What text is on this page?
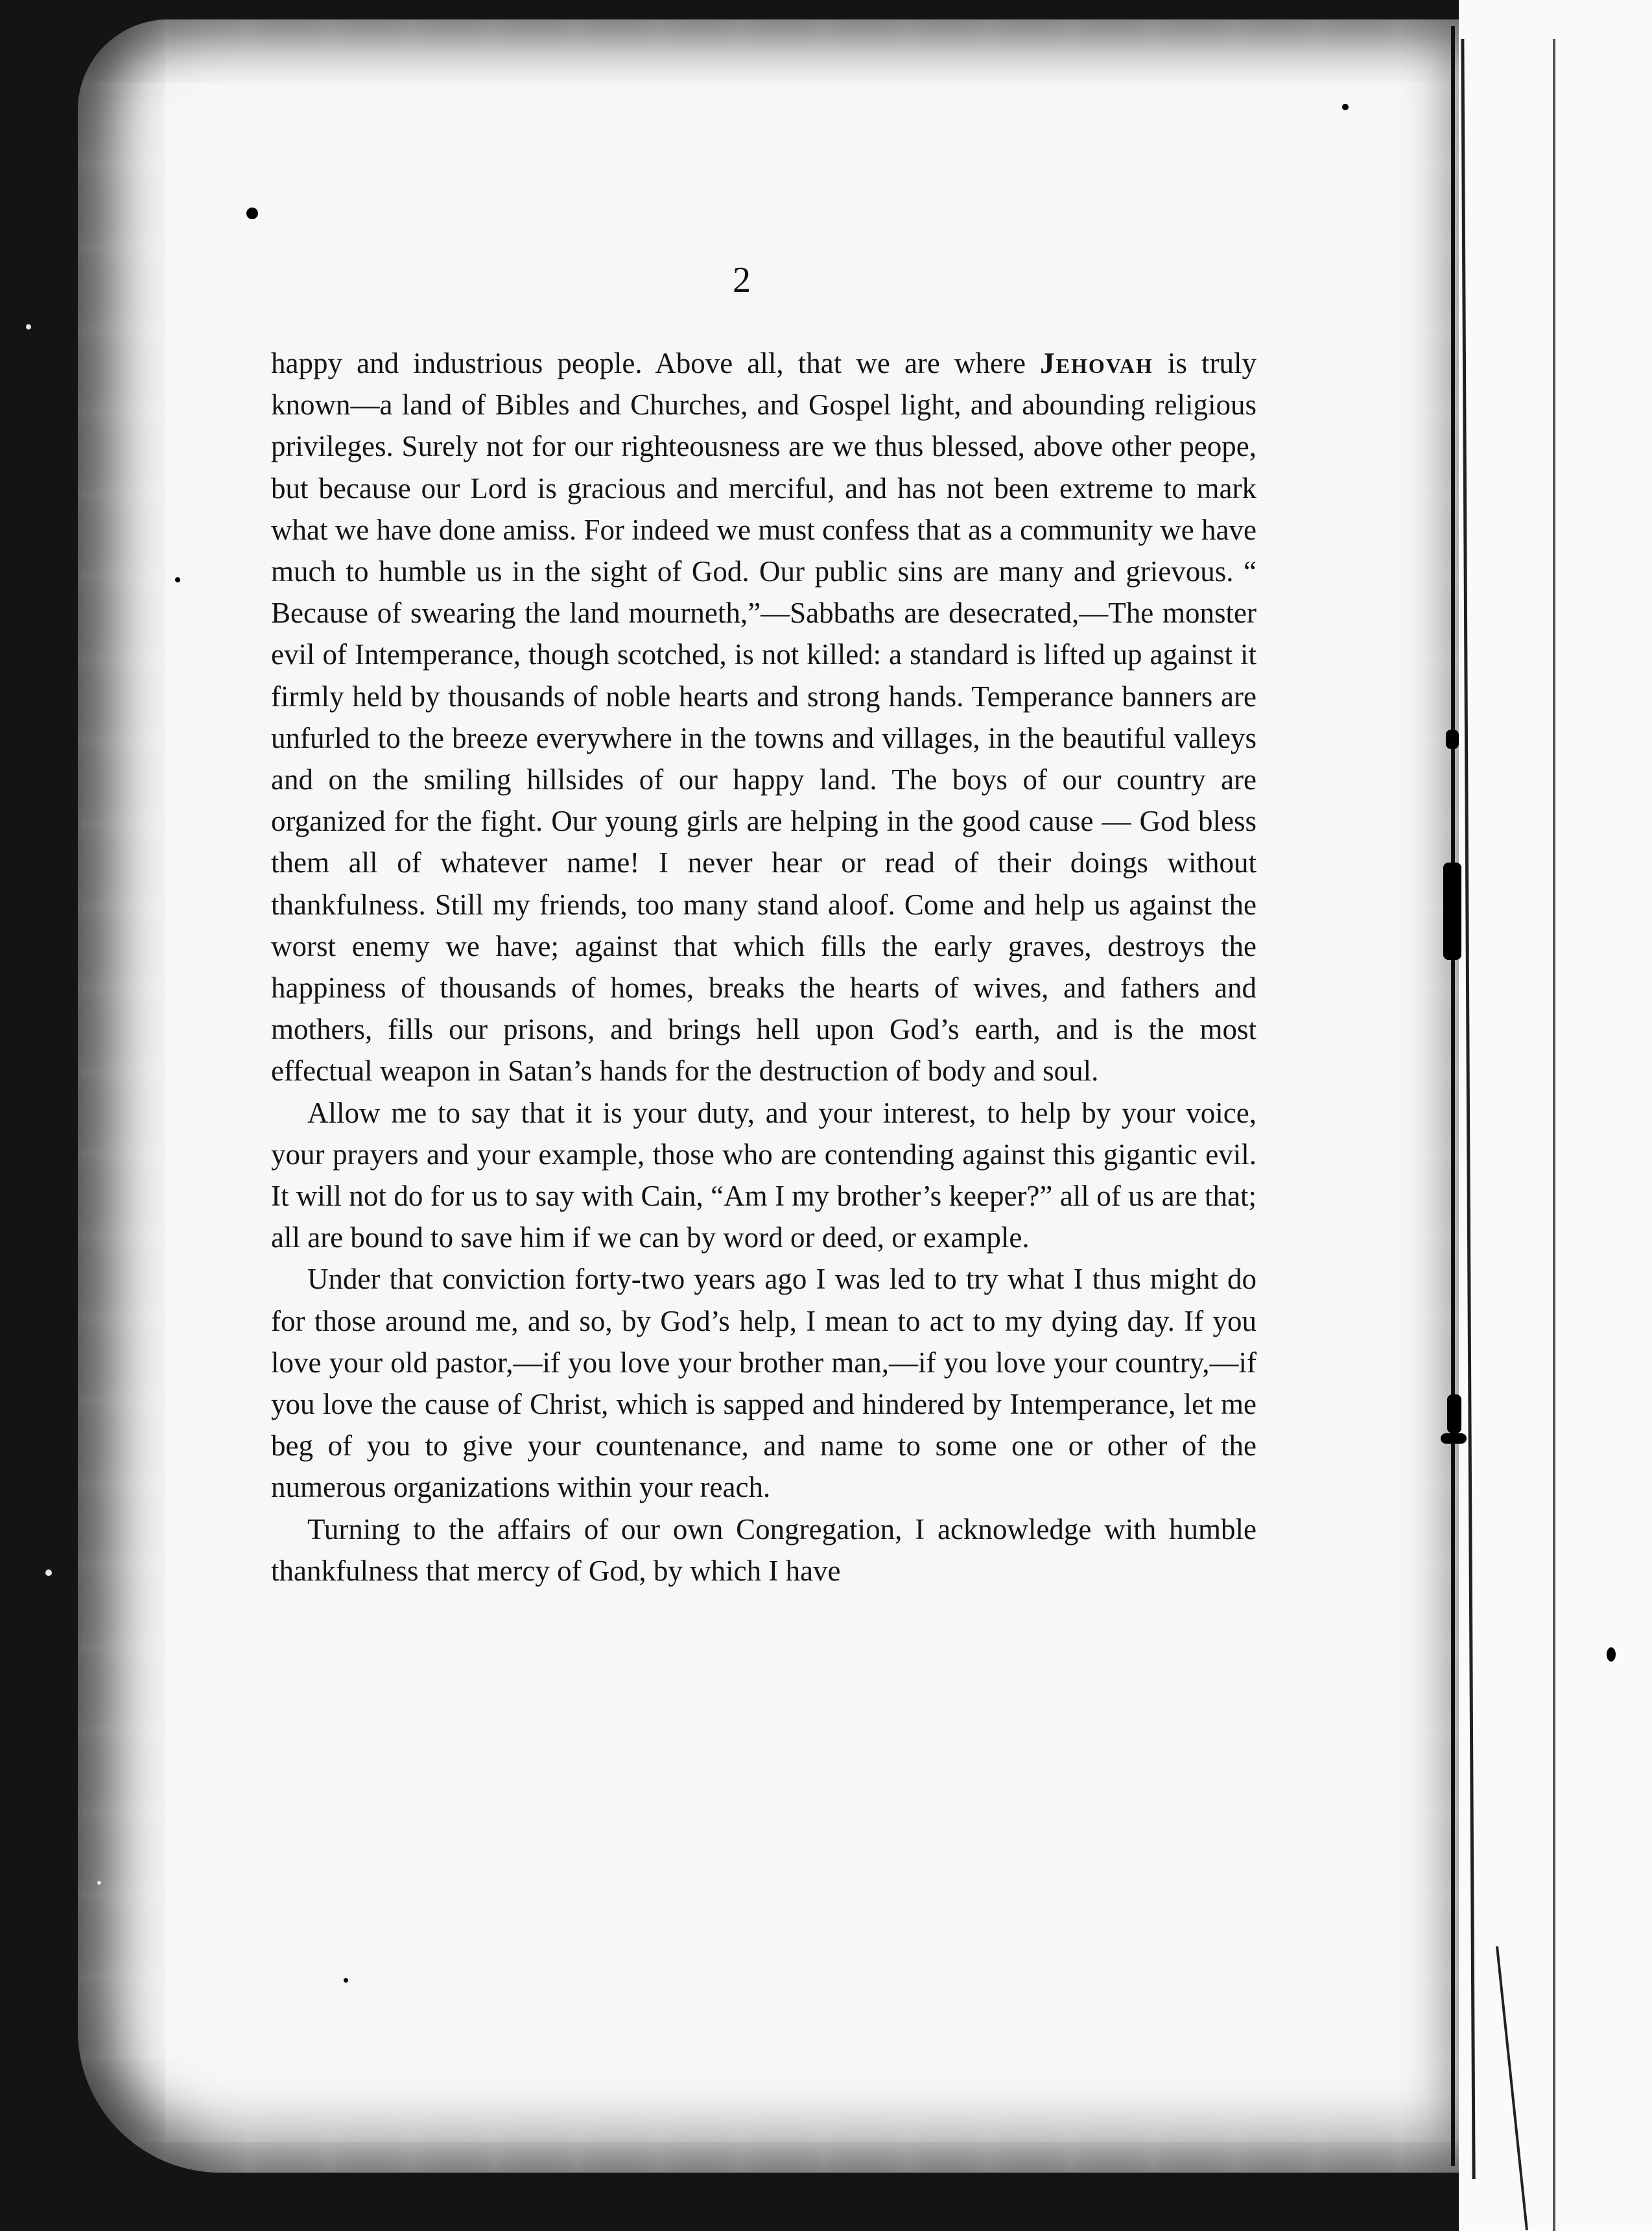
2

happy and industrious people. Above all, that we are where Jehovah is truly known—a land of Bibles and Churches, and Gospel light, and abounding religious privileges. Surely not for our righteousness are we thus blessed, above other peope, but because our Lord is gracious and merciful, and has not been extreme to mark what we have done amiss. For indeed we must confess that as a community we have much to humble us in the sight of God. Our public sins are many and grievous. “ Because of swearing the land mourneth,”—Sabbaths are desecrated,—The monster evil of Intemperance, though scotched, is not killed: a standard is lifted up against it firmly held by thousands of noble hearts and strong hands. Temperance banners are unfurled to the breeze everywhere in the towns and villages, in the beautiful valleys and on the smiling hillsides of our happy land. The boys of our country are organized for the fight. Our young girls are helping in the good cause — God bless them all of whatever name! I never hear or read of their doings without thankfulness. Still my friends, too many stand aloof. Come and help us against the worst enemy we have; against that which fills the early graves, destroys the happiness of thousands of homes, breaks the hearts of wives, and fathers and mothers, fills our prisons, and brings hell upon God’s earth, and is the most effectual weapon in Satan’s hands for the destruction of body and soul.

Allow me to say that it is your duty, and your interest, to help by your voice, your prayers and your example, those who are contending against this gigantic evil. It will not do for us to say with Cain, “Am I my brother’s keeper?” all of us are that; all are bound to save him if we can by word or deed, or example.

Under that conviction forty-two years ago I was led to try what I thus might do for those around me, and so, by God’s help, I mean to act to my dying day. If you love your old pastor,—if you love your brother man,—if you love your country,—if you love the cause of Christ, which is sapped and hindered by Intemperance, let me beg of you to give your countenance, and name to some one or other of the numerous organizations within your reach.

Turning to the affairs of our own Congregation, I acknowledge with humble thankfulness that mercy of God, by which I have
